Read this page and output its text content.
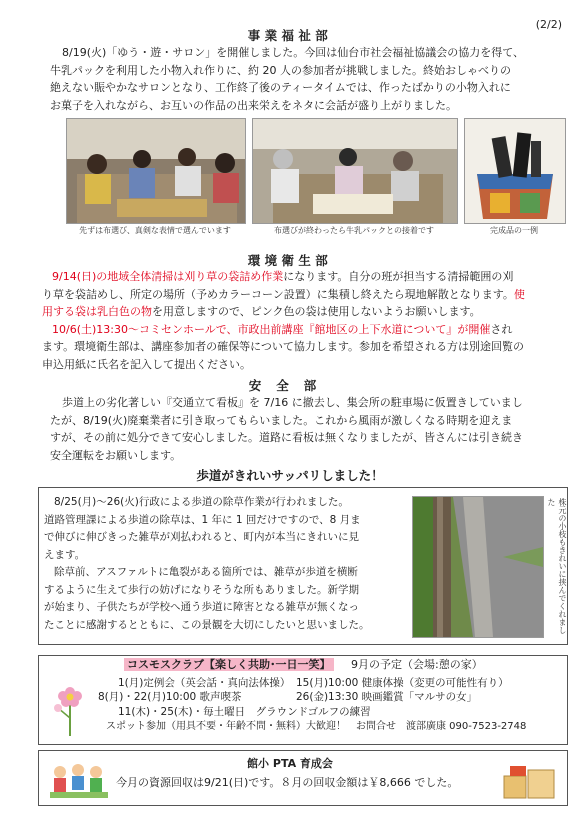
(2/2)
事業福祉部
8/19(火)「ゆう・遊・サロン」を開催しました。今回は仙台市社会福祉協議会の協力を得て、
牛乳パックを利用した小物入れ作りに、約 20 人の参加者が挑戦しました。終始おしゃべりの
絶えない賑やかなサロンとなり、工作終了後のティータイムでは、作ったばかりの小物入れに
お菓子を入れながら、お互いの作品の出来栄えをネタに会話が盛り上がりました。
先ずは布選び、真剣な表情で選んでいます	布選びが終わったら牛乳パックとの接着です	完成品の一例
環境衛生部
9/14(日)の地域全体清掃は刈り草の袋詰め作業になります。自分の班が担当する清掃範囲の刈
り草を袋詰めし、所定の場所（予めカラーコーン設置）に集積し終えたら現地解散となります。使
用する袋は乳白色の物を用意しますので、ピンク色の袋は使用しないようお願いします。
10/6(土)13:30～コミセンホールで、市政出前講座『館地区の上下水道について』が開催され
ます。環境衛生部は、講座参加者の確保等について協力します。参加を希望される方は別途回覧の
申込用紙に氏名を記入して提出ください。
安全部
歩道上の劣化著しい『交通立て看板』を 7/16 に撤去し、集会所の駐車場に仮置きしていまし
たが、8/19(火)廃棄業者に引き取ってもらいました。これから風雨が激しくなる時期を迎えま
すが、その前に処分できて安心しました。道路に看板は無くなりましたが、皆さんには引き続き
安全運転をお願いします。
歩道がきれいサッパリしました！
8/25(月)～26(火)行政による歩道の除草作業が行われました。
道路管理課による歩道の除草は、1 年に 1 回だけですので、8 月ま
で伸びに伸びきった雑草が刈払われると、町内が本当にきれいに見
えます。
除草前、アスファルトに亀裂がある箇所では、雑草が歩道を横断
するように生えて歩行の妨げになりそうな所もありました。新学期
が始まり、子供たちが学校へ通う歩道に障害となる雑草が無くなっ
たことに感謝するとともに、この景観を大切にしたいと思いました。	株元の小枝もきれいに挟んでくれました
コスモスクラブ【楽しく共助･一日一笑】 9月の予定（会場:憩の家）
1(月)定例会（英会話・真向法体操） 15(月)10:00 健康体操（変更の可能性有り）
8(月)・22(月)10:00 歌声喫茶	26(金)13:30 映画鑑賞「マルサの女」
11(木)・25(木)・毎土曜日　グラウンドゴルフの練習
スポット参加（用具不要・年齢不問・無料）大歓迎！　お問合せ　渡部廣康 090-7523-2748
館小 PTA 育成会
今月の資源回収は9/21(日)です。８月の回収金額は￥8,666 でした。
